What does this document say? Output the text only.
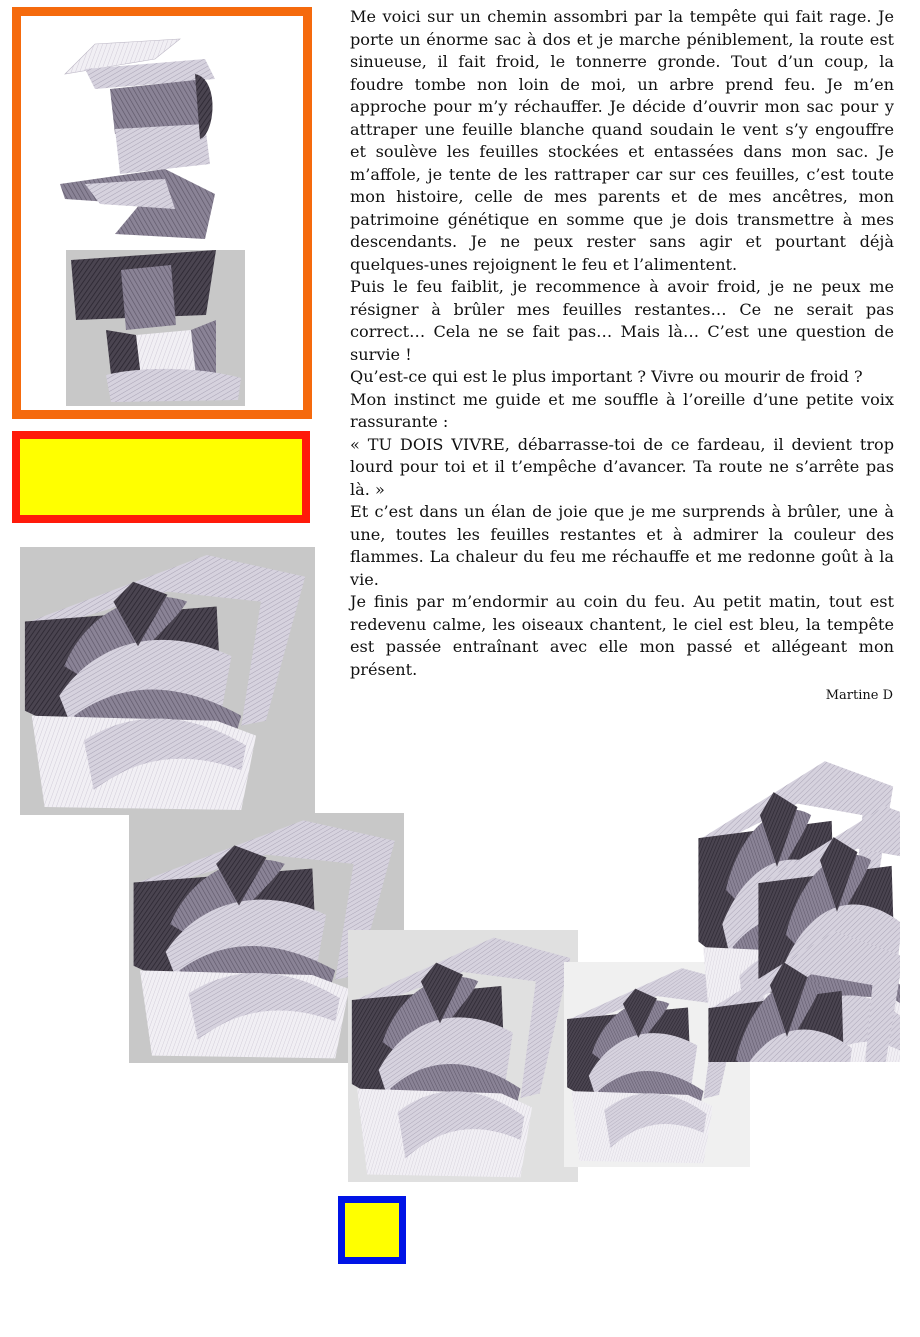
Me voici sur un chemin assombri par la tempête qui fait rage. Je porte un énorme sac à dos et je marche péniblement, la route est sinueuse, il fait froid, le tonnerre gronde. Tout d’un coup, la foudre tombe non loin de moi, un arbre prend feu. Je m’en approche pour m’y réchauffer. Je décide d’ouvrir mon sac pour y attraper une feuille blanche quand soudain le vent s’y engouffre et soulève les feuilles stockées et entassées dans mon sac. Je m’affole, je tente de les rattraper car sur ces feuilles, c’est toute mon histoire, celle de mes parents et de mes ancêtres, mon patrimoine génétique en somme que je dois transmettre à mes descendants. Je ne peux rester sans agir et pourtant déjà quelques-unes rejoignent le feu et l’alimentent.

Puis le feu faiblit, je recommence à avoir froid, je ne peux me résigner à brûler mes feuilles restantes… Ce ne serait pas correct… Cela ne se fait pas… Mais là… C’est une question de survie !

Qu’est-ce qui est le plus important ? Vivre ou mourir de froid ?

Mon instinct me guide et me souffle à l’oreille d’une petite voix rassurante :

« TU DOIS VIVRE, débarrasse-toi de ce fardeau, il devient trop lourd pour toi et il t’empêche d’avancer. Ta route ne s’arrête pas là. »

Et c’est dans un élan de joie que je me surprends à brûler, une à une, toutes les feuilles restantes et à admirer la couleur des flammes. La chaleur du feu me réchauffe et me redonne goût à la vie.

Je finis par m’endormir au coin du feu. Au petit matin, tout est redevenu calme, les oiseaux chantent, le ciel est bleu, la tempête est passée entraînant avec elle mon passé et allégeant mon présent.

Martine D
